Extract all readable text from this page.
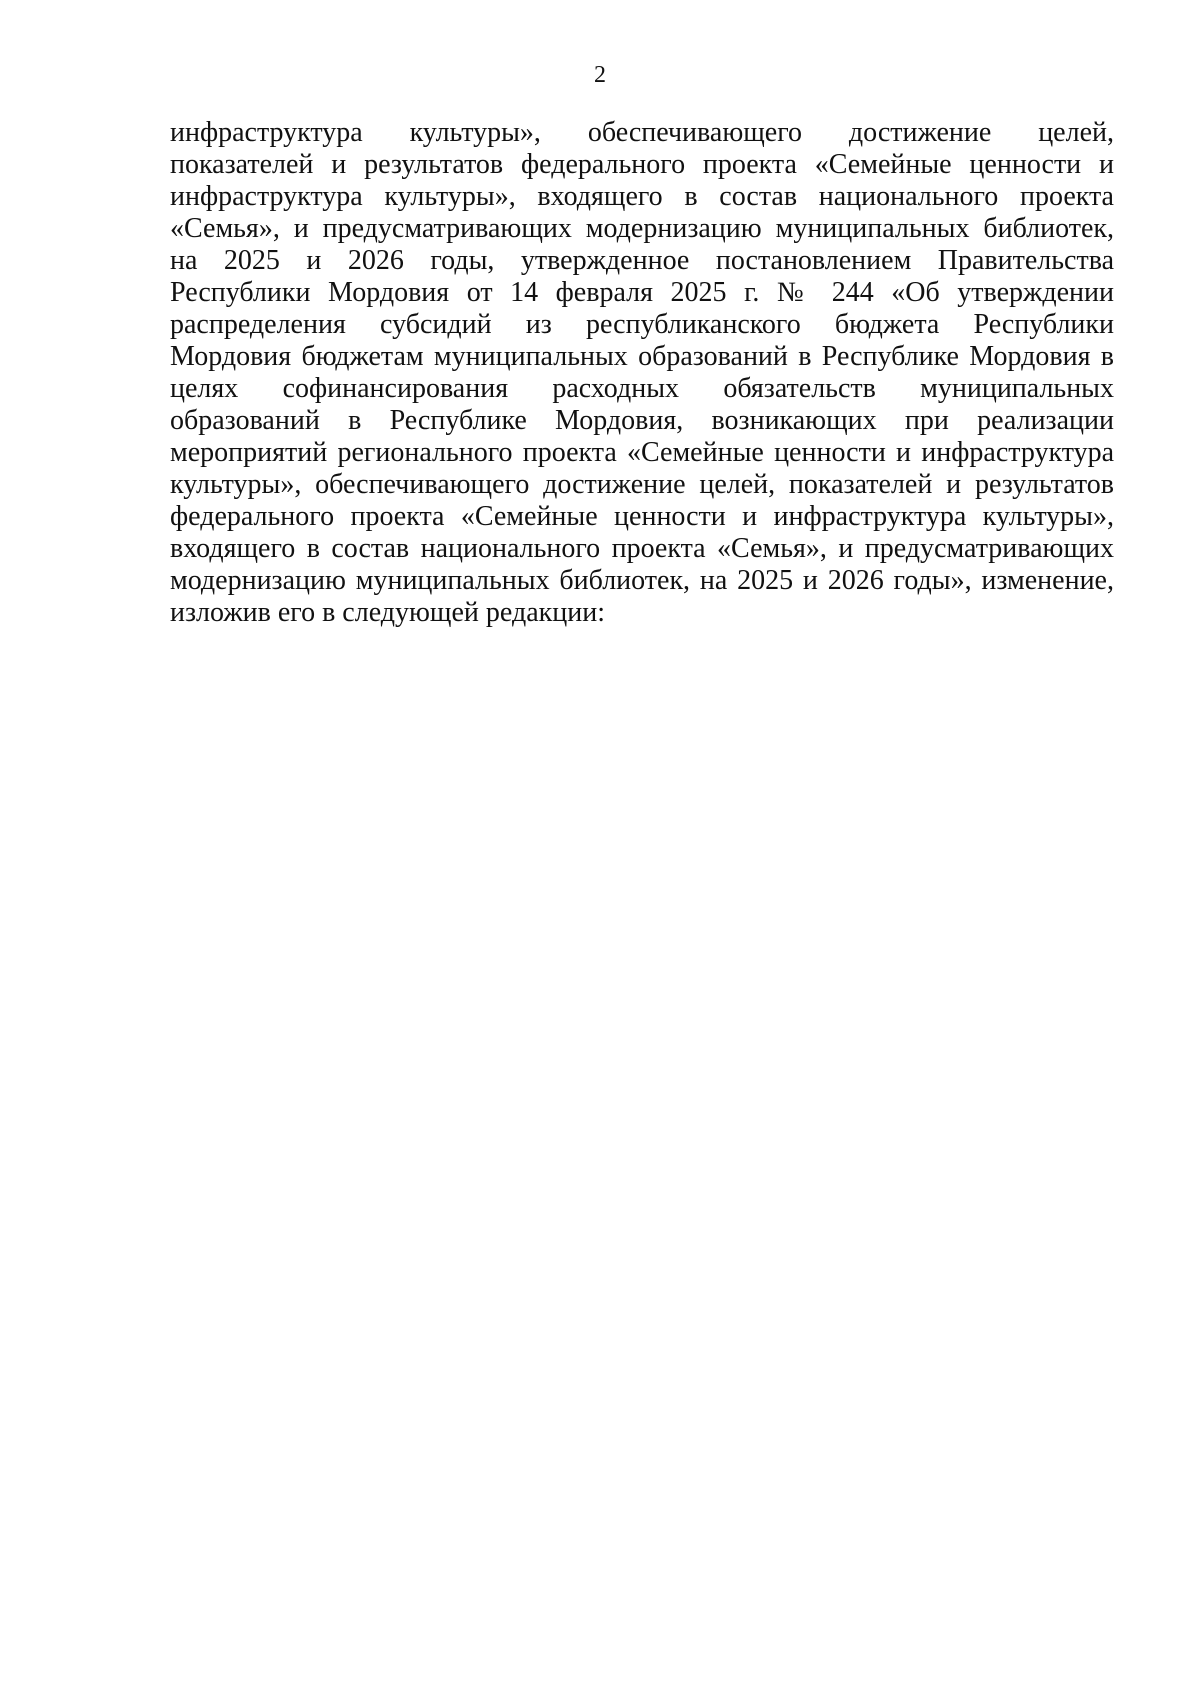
2
инфраструктура культуры», обеспечивающего достижение целей,
показателей и результатов федерального проекта «Семейные ценности и
инфраструктура культуры», входящего в состав национального проекта
«Семья», и предусматривающих модернизацию муниципальных библиотек,
на 2025 и 2026 годы, утвержденное постановлением Правительства
Республики Мордовия от 14 февраля 2025 г. № 244 «Об утверждении
распределения субсидий из республиканского бюджета Республики
Мордовия бюджетам муниципальных образований в Республике Мордовия в
целях софинансирования расходных обязательств муниципальных
образований в Республике Мордовия, возникающих при реализации
мероприятий регионального проекта «Семейные ценности и инфраструктура
культуры», обеспечивающего достижение целей, показателей и результатов
федерального проекта «Семейные ценности и инфраструктура культуры»,
входящего в состав национального проекта «Семья», и предусматривающих
модернизацию муниципальных библиотек, на 2025 и 2026 годы», изменение,
изложив его в следующей редакции:
